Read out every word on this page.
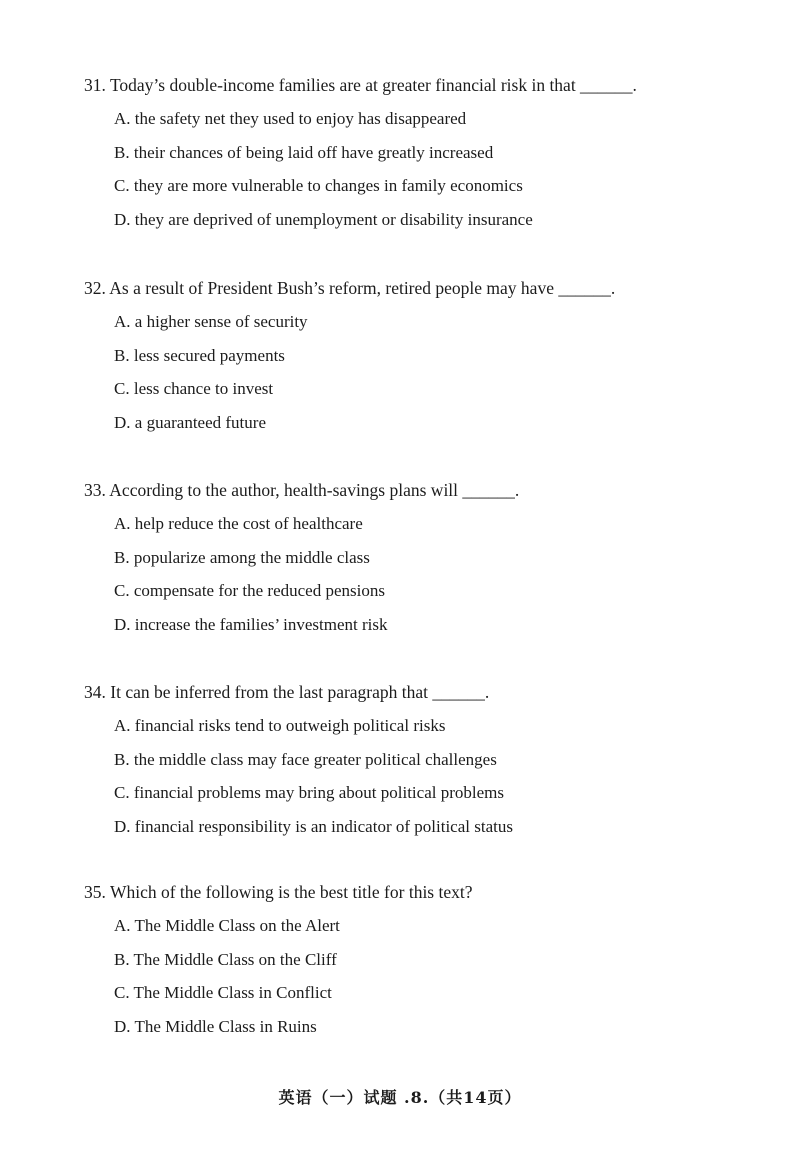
31. Today’s double-income families are at greater financial risk in that ______.
A. the safety net they used to enjoy has disappeared
B. their chances of being laid off have greatly increased
C. they are more vulnerable to changes in family economics
D. they are deprived of unemployment or disability insurance
32. As a result of President Bush’s reform, retired people may have ______.
A. a higher sense of security
B. less secured payments
C. less chance to invest
D. a guaranteed future
33. According to the author, health-savings plans will ______.
A. help reduce the cost of healthcare
B. popularize among the middle class
C. compensate for the reduced pensions
D. increase the families’ investment risk
34. It can be inferred from the last paragraph that ______.
A. financial risks tend to outweigh political risks
B. the middle class may face greater political challenges
C. financial problems may bring about political problems
D. financial responsibility is an indicator of political status
35. Which of the following is the best title for this text?
A. The Middle Class on the Alert
B. The Middle Class on the Cliff
C. The Middle Class in Conflict
D. The Middle Class in Ruins
英语（一）试题 .8.（共14页）
